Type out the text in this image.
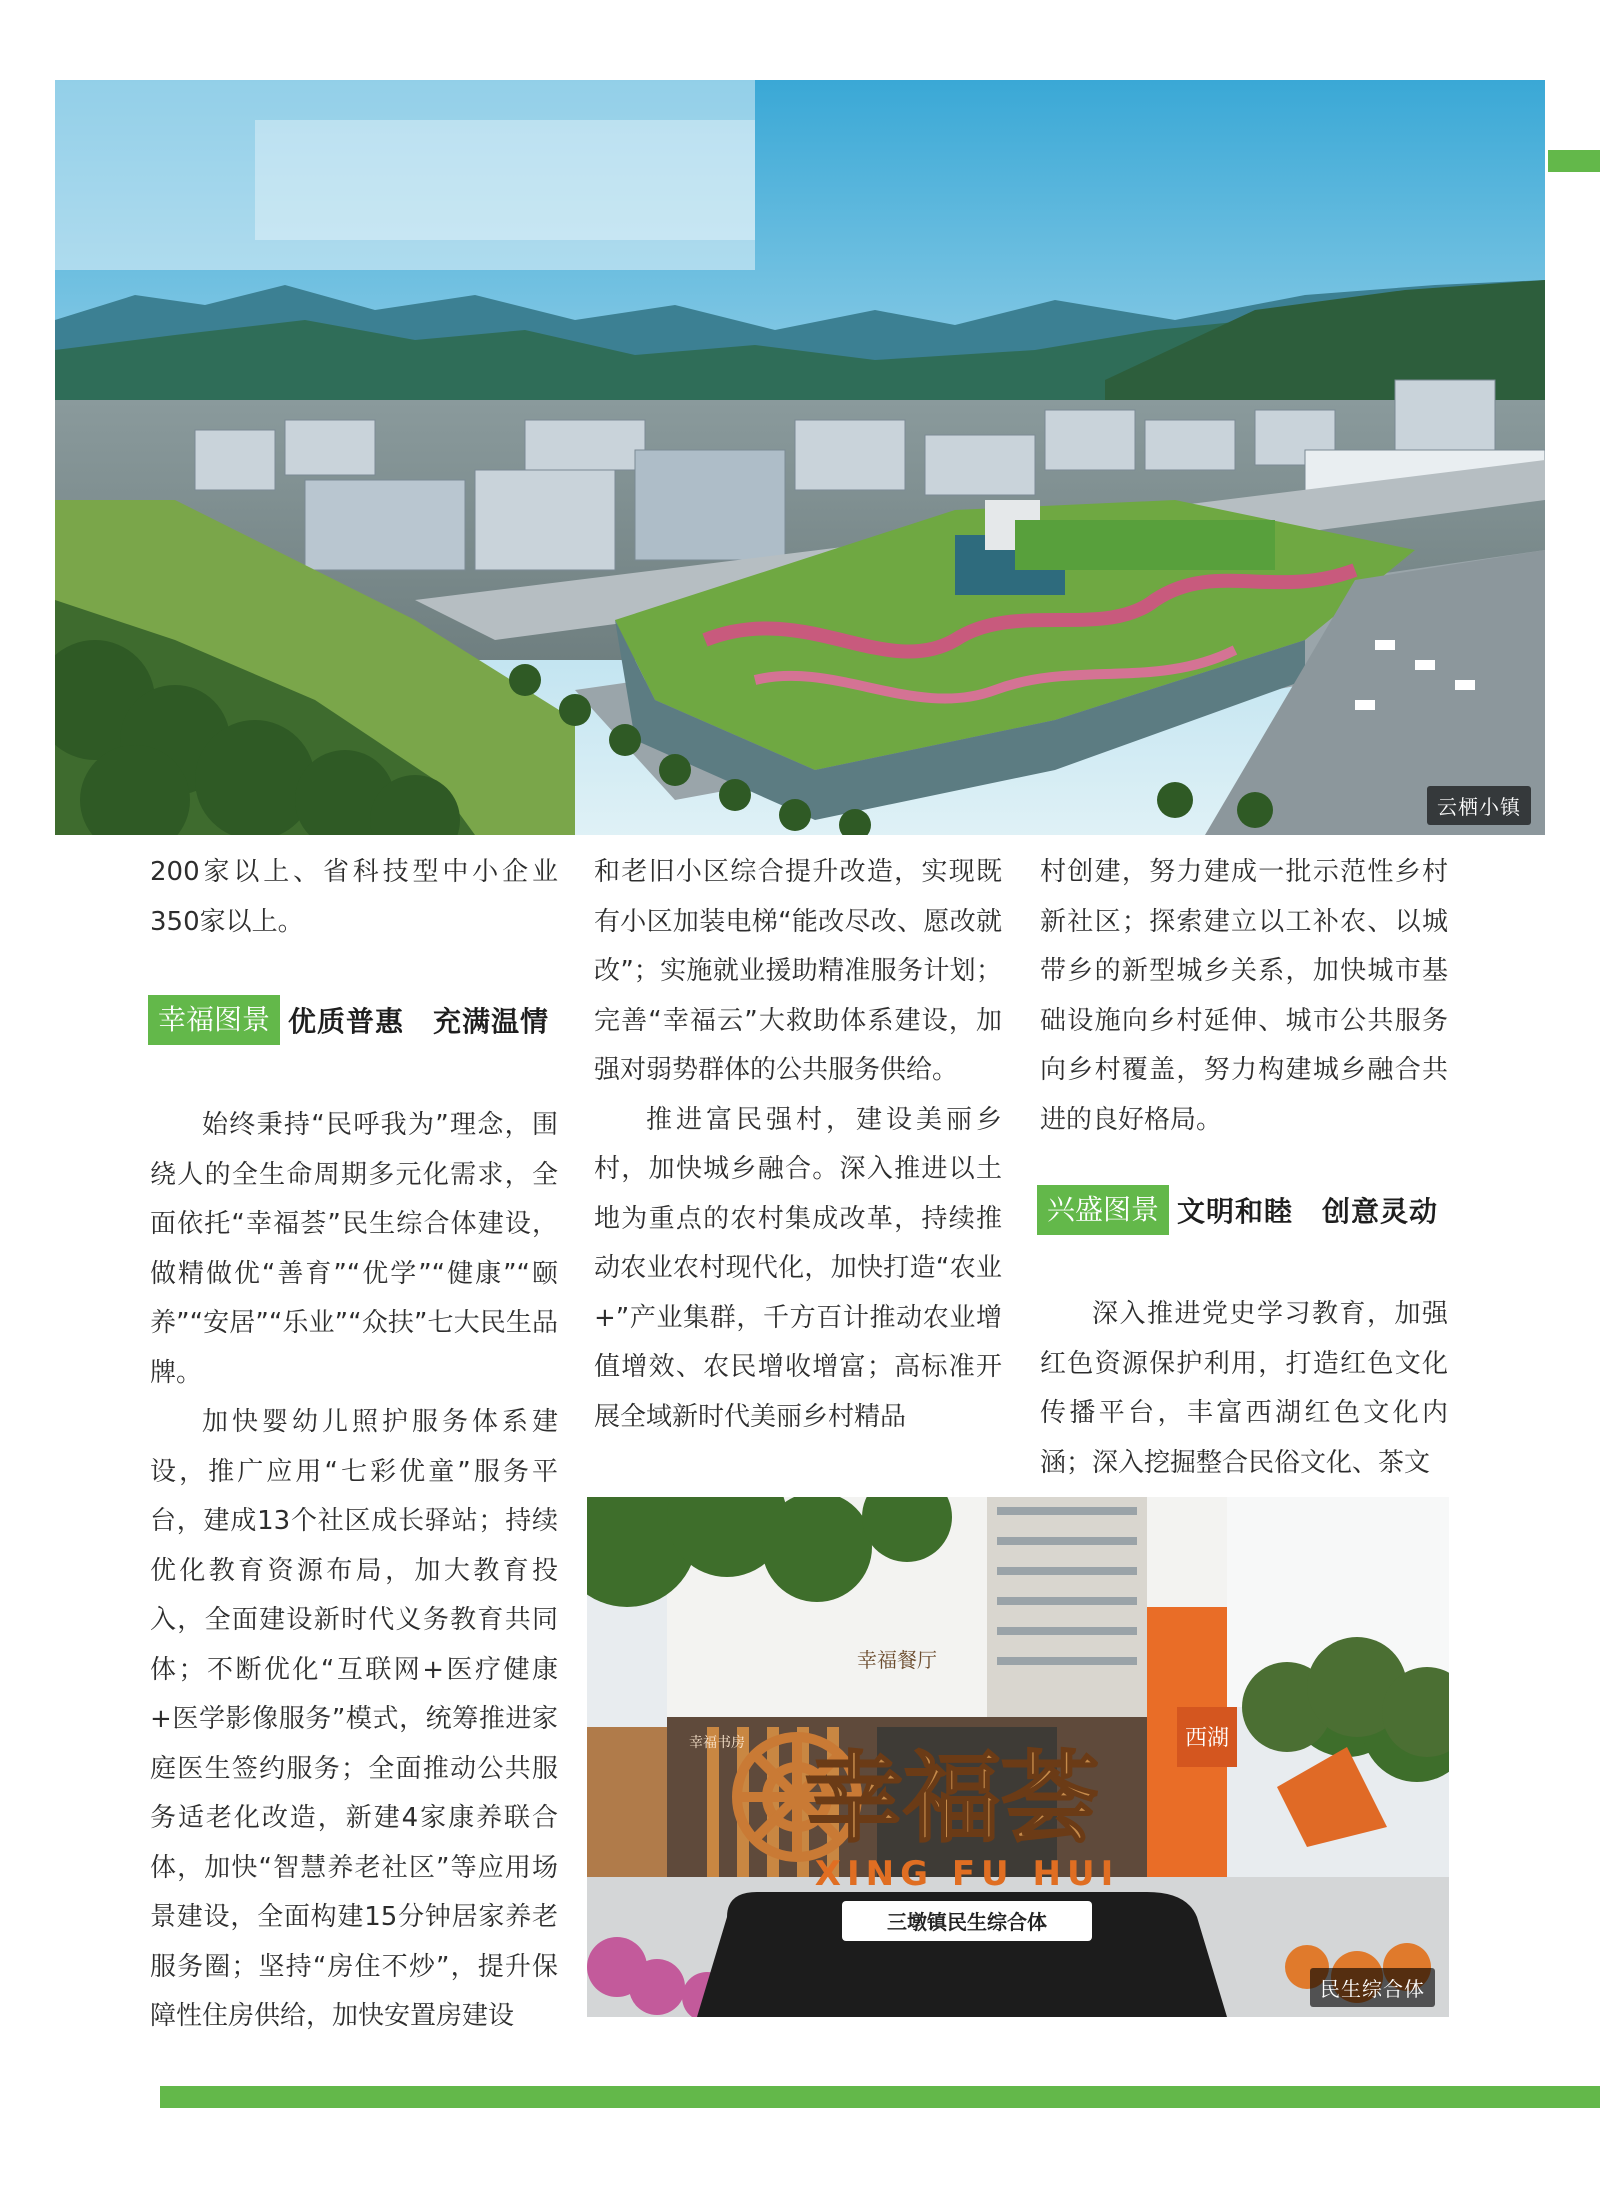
云栖小镇

200家以上、省科技型中小企业350家以上。

幸福图景 优质普惠　充满温情

始终秉持“民呼我为”理念，围绕人的全生命周期多元化需求，全面依托“幸福荟”民生综合体建设，做精做优“善育”“优学”“健康”“颐养”“安居”“乐业”“众扶”七大民生品牌。

加快婴幼儿照护服务体系建设，推广应用“七彩优童”服务平台，建成13个社区成长驿站；持续优化教育资源布局，加大教育投入，全面建设新时代义务教育共同体；不断优化“互联网+医疗健康+医学影像服务”模式，统筹推进家庭医生签约服务；全面推动公共服务适老化改造，新建4家康养联合体，加快“智慧养老社区”等应用场景建设，全面构建15分钟居家养老服务圈；坚持“房住不炒”，提升保障性住房供给，加快安置房建设

和老旧小区综合提升改造，实现既有小区加装电梯“能改尽改、愿改就改”；实施就业援助精准服务计划；完善“幸福云”大救助体系建设，加强对弱势群体的公共服务供给。

推进富民强村，建设美丽乡村，加快城乡融合。深入推进以土地为重点的农村集成改革，持续推动农业农村现代化，加快打造“农业+”产业集群，千方百计推动农业增值增效、农民增收增富；高标准开展全域新时代美丽乡村精品

村创建，努力建成一批示范性乡村新社区；探索建立以工补农、以城带乡的新型城乡关系，加快城市基础设施向乡村延伸、城市公共服务向乡村覆盖，努力构建城乡融合共进的良好格局。

兴盛图景 文明和睦　创意灵动

深入推进党史学习教育，加强红色资源保护利用，打造红色文化传播平台，丰富西湖红色文化内涵；深入挖掘整合民俗文化、茶文

幸福荟
XING FU HUI
三墩镇民生综合体
西湖
幸福书房
幸福餐厅
民生综合体
